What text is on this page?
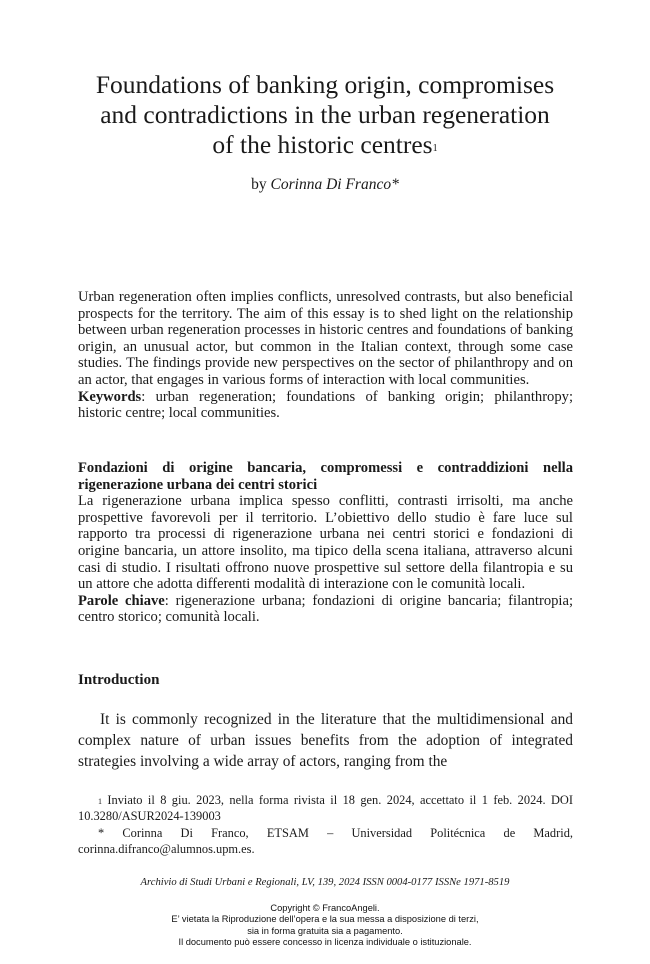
Foundations of banking origin, compromises
and contradictions in the urban regeneration
of the historic centres$^1$
by Corinna Di Franco*

Urban regeneration often implies conflicts, unresolved contrasts, but also beneficial prospects for the territory. The aim of this essay is to shed light on the relationship between urban regeneration processes in historic centres and foundations of banking origin, an unusual actor, but common in the Italian context, through some case studies. The findings provide new perspectives on the sector of philanthropy and on an actor, that engages in various forms of interaction with local communities.

Keywords: urban regeneration; foundations of banking origin; philanthropy; historic centre; local communities.

Fondazioni di origine bancaria, compromessi e contraddizioni nella rigenerazione urbana dei centri storici

La rigenerazione urbana implica spesso conflitti, contrasti irrisolti, ma anche prospettive favorevoli per il territorio. L’obiettivo dello studio è fare luce sul rapporto tra processi di rigenerazione urbana nei centri storici e fondazioni di origine bancaria, un attore insolito, ma tipico della scena italiana, attraverso alcuni casi di studio. I risultati offrono nuove prospettive sul settore della filantropia e su un attore che adotta differenti modalità di interazione con le comunità locali.

Parole chiave: rigenerazione urbana; fondazioni di origine bancaria; filantropia; centro storico; comunità locali.

Introduction

It is commonly recognized in the literature that the multidimensional and complex nature of urban issues benefits from the adoption of integrated strategies involving a wide array of actors, ranging from the

$^1$ Inviato il 8 giu. 2023, nella forma rivista il 18 gen. 2024, accettato il 1 feb. 2024. DOI 10.3280/ASUR2024-139003

* Corinna Di Franco, ETSAM – Universidad Politécnica de Madrid, corinna.difranco@alumnos.upm.es.

Archivio di Studi Urbani e Regionali, LV, 139, 2024 ISSN 0004-0177 ISSNe 1971-8519
Copyright © FrancoAngeli.
E’ vietata la Riproduzione dell’opera e la sua messa a disposizione di terzi,
sia in forma gratuita sia a pagamento.
Il documento può essere concesso in licenza individuale o istituzionale.
